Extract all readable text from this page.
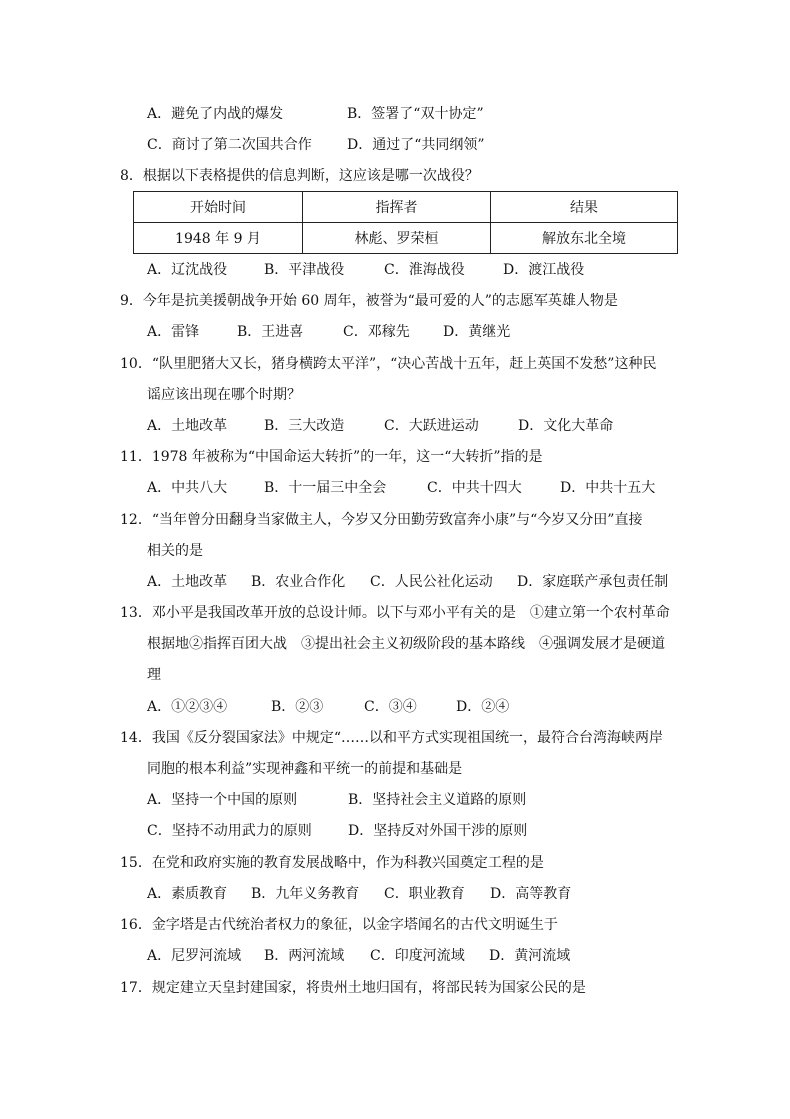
A．避免了内战的爆发	B．签署了“双十协定”
C．商讨了第二次国共合作	D．通过了“共同纲领”
8．根据以下表格提供的信息判断，这应该是哪一次战役？
开始时间	指挥者	结果
1948 年 9 月	林彪、罗荣桓	解放东北全境
A．辽沈战役	B．平津战役	C．淮海战役	D．渡江战役
9．今年是抗美援朝战争开始 60 周年，被誉为“最可爱的人”的志愿军英雄人物是
A．雷锋	B．王进喜	C．邓稼先 D．黄继光
10．“队里肥猪大又长，猪身横跨太平洋”，“决心苦战十五年，赶上英国不发愁”这种民
谣应该出现在哪个时期？
A．土地改革	B．三大改造	C．大跃进运动	D．文化大革命
11．1978 年被称为“中国命运大转折”的一年，这一“大转折”指的是
A．中共八大	B．十一届三中全会	C．中共十四大	D．中共十五大
12．“当年曾分田翻身当家做主人，今岁又分田勤劳致富奔小康”与“今岁又分田”直接
相关的是
A．土地改革 B．农业合作化 C．人民公社化运动 D．家庭联产承包责任制
13．邓小平是我国改革开放的总设计师。以下与邓小平有关的是　①建立第一个农村革命
根据地②指挥百团大战　③提出社会主义初级阶段的基本路线　④强调发展才是硬道
理
A．①②③④	B．②③	C．③④	D．②④
14．我国《反分裂国家法》中规定“……以和平方式实现祖国统一，最符合台湾海峡两岸
同胞的根本利益”实现神鑫和平统一的前提和基础是
A．坚持一个中国的原则	B．坚持社会主义道路的原则
C．坚持不动用武力的原则	D．坚持反对外国干涉的原则
15．在党和政府实施的教育发展战略中，作为科教兴国奠定工程的是
A．素质教育 B．九年义务教育 C．职业教育 D．高等教育
16．金字塔是古代统治者权力的象征，以金字塔闻名的古代文明诞生于
A．尼罗河流域 B．两河流域 C．印度河流域 D．黄河流域
17．规定建立天皇封建国家，将贵州土地归国有，将部民转为国家公民的是
